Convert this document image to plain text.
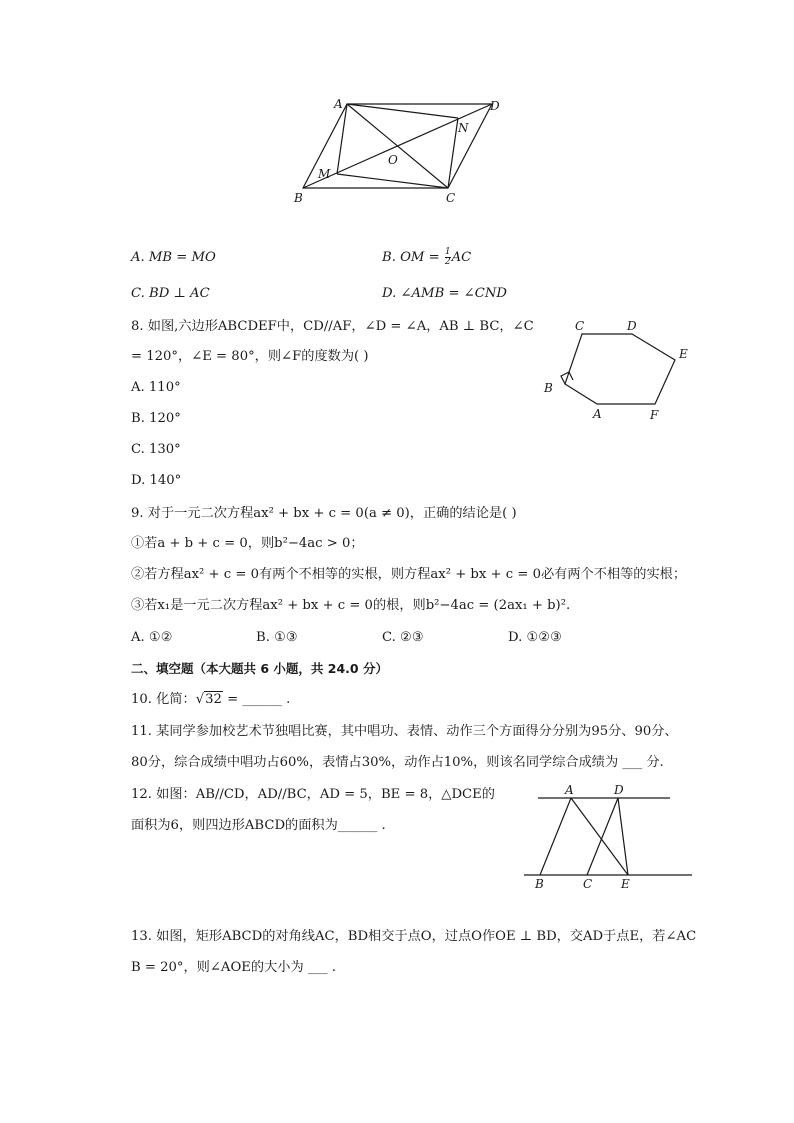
A	D
N
O
M
B	C
A. MB = MO	B. OM = $\frac{1}{2}$ AC
C. BD ⊥ AC	D. ∠AMB = ∠CND
8. 如图,六边形ABCDEF中，CD//AF，∠D = ∠A，AB ⊥ BC，∠C
= 120°，∠E = 80°，则∠F的度数为( )
A. 110°
B. 120°
C. 130°
D. 140°
C	D
E
B
A	F
9. 对于一元二次方程ax² + bx + c = 0(a ≠ 0)，正确的结论是( )
①若a + b + c = 0，则b²−4ac > 0；
②若方程ax² + c = 0有两个不相等的实根，则方程ax² + bx + c = 0必有两个不相等的实根；
③若x₁是一元二次方程ax² + bx + c = 0的根，则b²−4ac = (2ax₁ + b)².
A. ①②	B. ①③	C. ②③	D. ①②③
二、填空题（本大题共 6 小题，共 24.0 分）
10. 化简：√32 = ______ .
11. 某同学参加校艺术节独唱比赛，其中唱功、表情、动作三个方面得分分别为95分、90分、
80分，综合成绩中唱功占60%，表情占30%，动作占10%，则该名同学综合成绩为 ___ 分.
12. 如图：AB//CD，AD//BC，AD = 5，BE = 8，△DCE的
面积为6，则四边形ABCD的面积为______ .
A	D
B	C E
13. 如图，矩形ABCD的对角线AC，BD相交于点O，过点O作OE ⊥ BD，交AD于点E，若∠AC
B = 20°，则∠AOE的大小为 ___ .
